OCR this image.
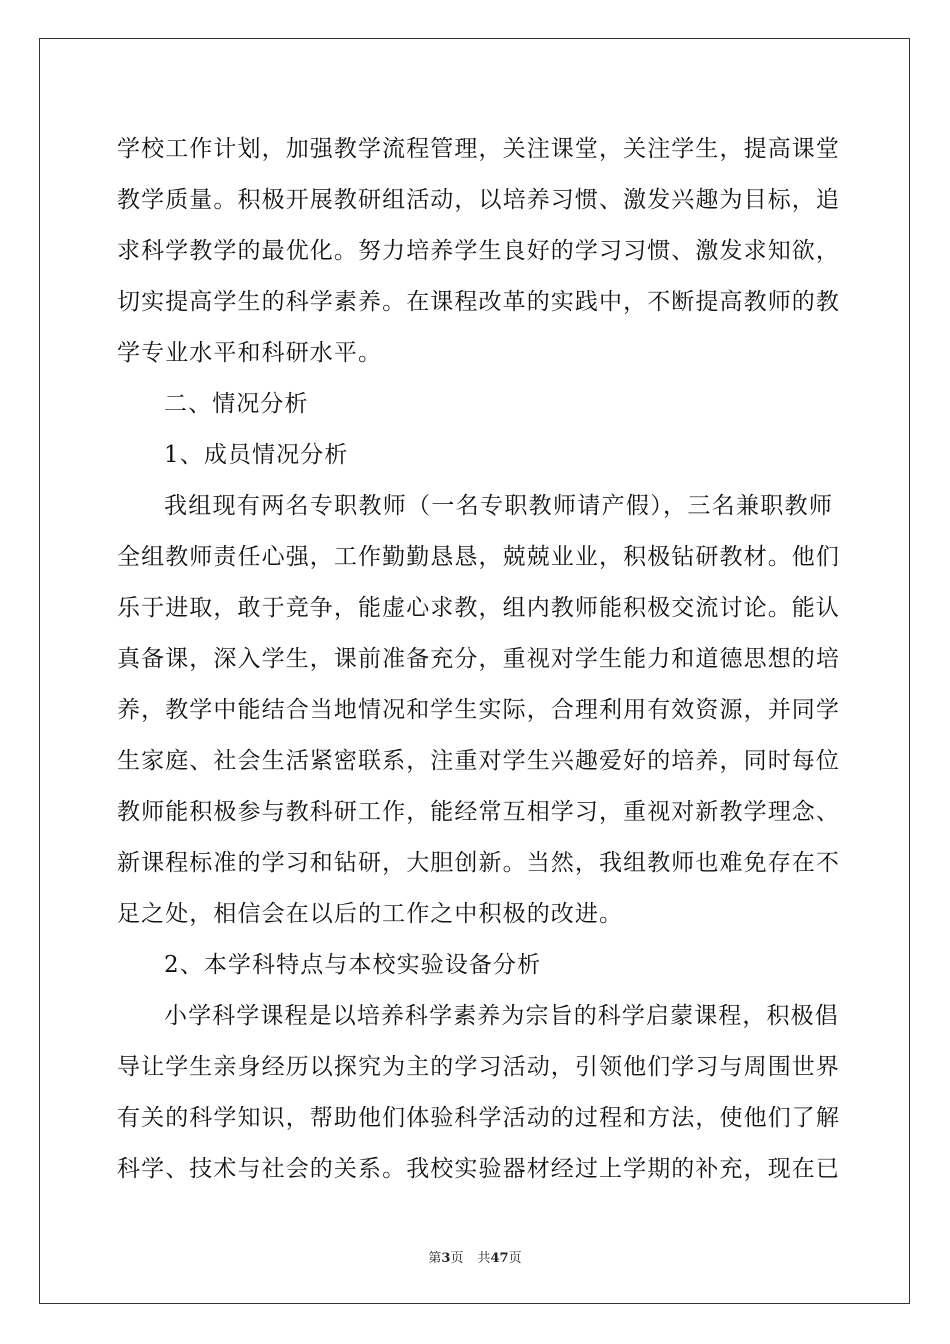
学校工作计划，加强教学流程管理，关注课堂，关注学生，提高课堂
教学质量。积极开展教研组活动，以培养习惯、激发兴趣为目标，追
求科学教学的最优化。努力培养学生良好的学习习惯、激发求知欲，
切实提高学生的科学素养。在课程改革的实践中，不断提高教师的教
学专业水平和科研水平。
二、情况分析
1、成员情况分析
我组现有两名专职教师（一名专职教师请产假），三名兼职教师
全组教师责任心强，工作勤勤恳恳，兢兢业业，积极钻研教材。他们
乐于进取，敢于竞争，能虚心求教，组内教师能积极交流讨论。能认
真备课，深入学生，课前准备充分，重视对学生能力和道德思想的培
养，教学中能结合当地情况和学生实际，合理利用有效资源，并同学
生家庭、社会生活紧密联系，注重对学生兴趣爱好的培养，同时每位
教师能积极参与教科研工作，能经常互相学习，重视对新教学理念、
新课程标准的学习和钻研，大胆创新。当然，我组教师也难免存在不
足之处，相信会在以后的工作之中积极的改进。
2、本学科特点与本校实验设备分析
小学科学课程是以培养科学素养为宗旨的科学启蒙课程，积极倡
导让学生亲身经历以探究为主的学习活动，引领他们学习与周围世界
有关的科学知识，帮助他们体验科学活动的过程和方法，使他们了解
科学、技术与社会的关系。我校实验器材经过上学期的补充，现在已
第3页 共47页
